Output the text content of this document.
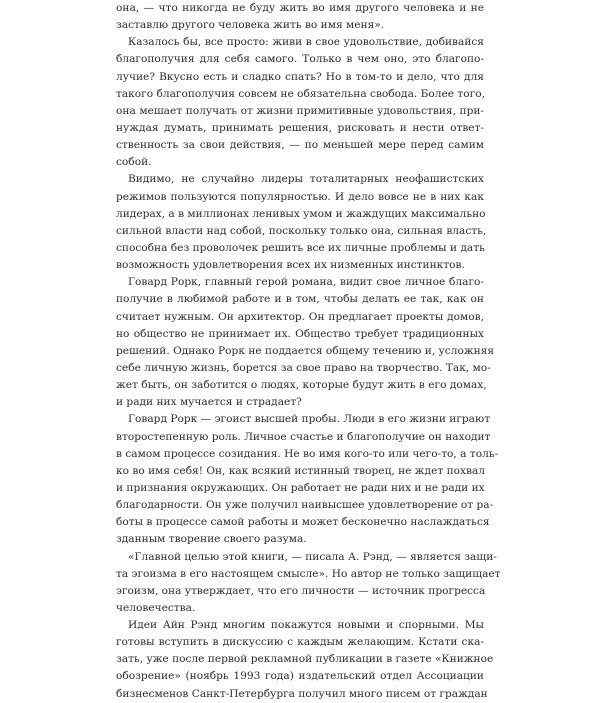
она, — что никогда не буду жить во имя другого человека и не
заставлю другого человека жить во имя меня».
Казалось бы, все просто: живи в свое удовольствие, добивайся
благополучия для себя самого. Только в чем оно, это благопо-
лучие? Вкусно есть и сладко спать? Но в том-то и дело, что для
такого благополучия совсем не обязательна свобода. Более того,
она мешает получать от жизни примитивные удовольствия, при-
нуждая думать, принимать решения, рисковать и нести ответ-
ственность за свои действия, — по меньшей мере перед самим
собой.
Видимо, не случайно лидеры тоталитарных неофашистских
режимов пользуются популярностью. И дело вовсе не в них как
лидерах, а в миллионах ленивых умом и жаждущих максимально
сильной власти над собой, поскольку только она, сильная власть,
способна без проволочек решить все их личные проблемы и дать
возможность удовлетворения всех их низменных инстинктов.
Говард Рорк, главный герой романа, видит свое личное благо-
получие в любимой работе и в том, чтобы делать ее так, как он
считает нужным. Он архитектор. Он предлагает проекты домов,
но общество не принимает их. Общество требует традиционных
решений. Однако Рорк не поддается общему течению и, усложняя
себе личную жизнь, борется за свое право на творчество. Так, мо-
жет быть, он заботится о людях, которые будут жить в его домах,
и ради них мучается и страдает?
Говард Рорк — эгоист высшей пробы. Люди в его жизни играют
второстепенную роль. Личное счастье и благополучие он находит
в самом процессе созидания. Не во имя кого-то или чего-то, а толь-
ко во имя себя! Он, как всякий истинный творец, не ждет похвал
и признания окружающих. Он работает не ради них и не ради их
благодарности. Он уже получил наивысшее удовлетворение от ра-
боты в процессе самой работы и может бесконечно наслаждаться
зданным творение своего разума.
«Главной целью этой книги, — писала А. Рэнд, — является защи-
та эгоизма в его настоящем смысле». Но автор не только защищает
эгоизм, она утверждает, что его личности — источник прогресса
человечества.
Идеи Айн Рэнд многим покажутся новыми и спорными. Мы
готовы вступить в дискуссию с каждым желающим. Кстати ска-
зать, уже после первой рекламной публикации в газете «Книжное
обозрение» (ноябрь 1993 года) издательский отдел Ассоциации
бизнесменов Санкт-Петербурга получил много писем от граждан
